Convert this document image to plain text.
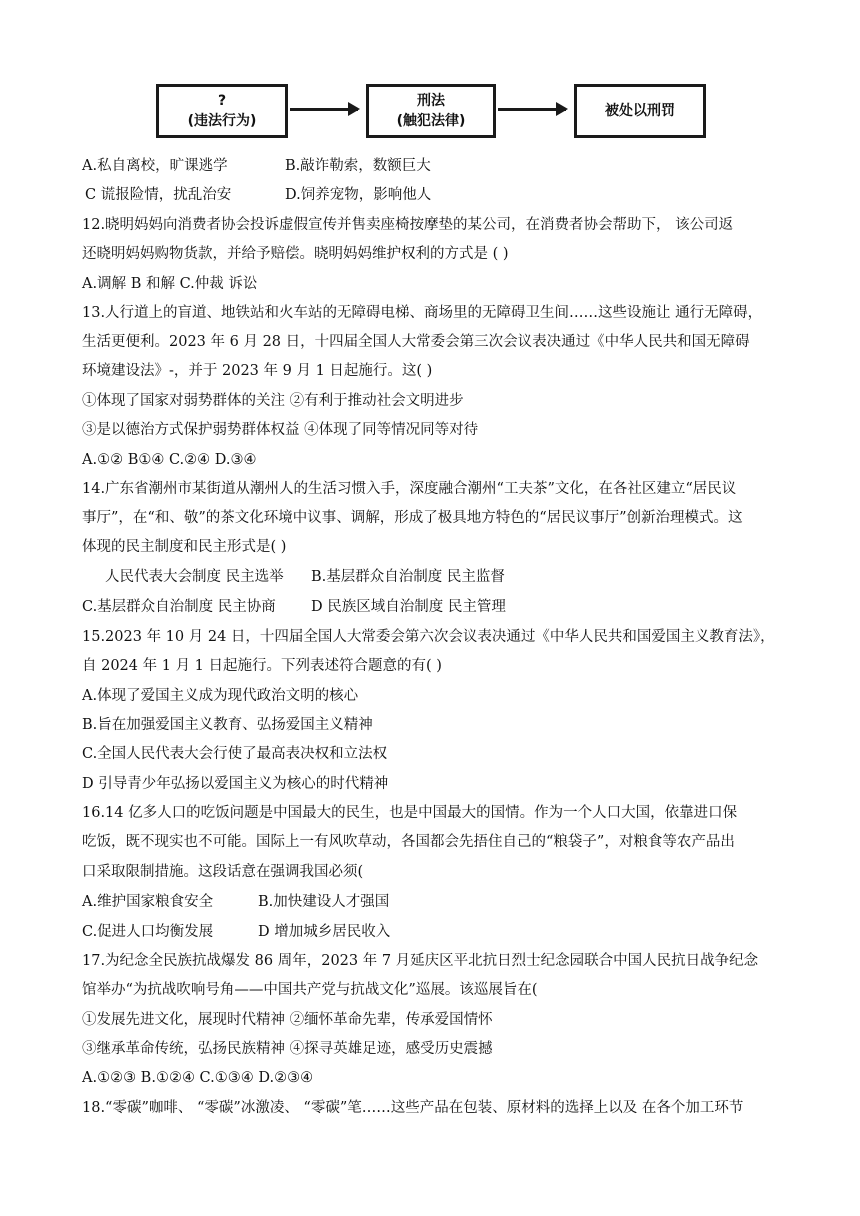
?
(违法行为)
刑法
(触犯法律)
被处以刑罚
A.私自离校，旷课逃学	B.敲诈勒索，数额巨大
C 谎报险情，扰乱治安	D.饲养宠物，影响他人
12.晓明妈妈向消费者协会投诉虚假宣传并售卖座椅按摩垫的某公司，在消费者协会帮助下， 该公司返
还晓明妈妈购物货款，并给予赔偿。晓明妈妈维护权利的方式是 ( )
A.调解 B 和解 C.仲裁 诉讼
13.人行道上的盲道、地铁站和火车站的无障碍电梯、商场里的无障碍卫生间……这些设施让 通行无障碍，
生活更便利。2023 年 6 月 28 日，十四届全国人大常委会第三次会议表决通过《中华人民共和国无障碍
环境建设法》-，并于 2023 年 9 月 1 日起施行。这( )
①体现了国家对弱势群体的关注 ②有利于推动社会文明进步
③是以德治方式保护弱势群体权益 ④体现了同等情况同等对待
A.①② B①④ C.②④ D.③④
14.广东省潮州市某街道从潮州人的生活习惯入手，深度融合潮州“工夫茶”文化，在各社区建立“居民议
事厅”，在“和、敬”的茶文化环境中议事、调解，形成了极具地方特色的“居民议事厅”创新治理模式。这
体现的民主制度和民主形式是( )
人民代表大会制度 民主选举 B.基层群众自治制度 民主监督
C.基层群众自治制度 民主协商 D 民族区域自治制度 民主管理
15.2023 年 10 月 24 日，十四届全国人大常委会第六次会议表决通过《中华人民共和国爱国主义教育法》，
自 2024 年 1 月 1 日起施行。下列表述符合题意的有( )
A.体现了爱国主义成为现代政治文明的核心
B.旨在加强爱国主义教育、弘扬爱国主义精神
C.全国人民代表大会行使了最高表决权和立法权
D 引导青少年弘扬以爱国主义为核心的时代精神
16.14 亿多人口的吃饭问题是中国最大的民生，也是中国最大的国情。作为一个人口大国，依靠进口保
吃饭，既不现实也不可能。国际上一有风吹草动，各国都会先捂住自己的“粮袋子”，对粮食等农产品出
口采取限制措施。这段话意在强调我国必须(
A.维护国家粮食安全	B.加快建设人才强国
C.促进人口均衡发展	D 增加城乡居民收入
17.为纪念全民族抗战爆发 86 周年，2023 年 7 月延庆区平北抗日烈士纪念园联合中国人民抗日战争纪念
馆举办“为抗战吹响号角——中国共产党与抗战文化”巡展。该巡展旨在(
①发展先进文化，展现时代精神 ②缅怀革命先辈，传承爱国情怀
③继承革命传统，弘扬民族精神 ④探寻英雄足迹，感受历史震撼
A.①②③ B.①②④ C.①③④ D.②③④
18.“零碳”咖啡、 “零碳”冰激凌、 “零碳”笔……这些产品在包装、原材料的选择上以及 在各个加工环节
